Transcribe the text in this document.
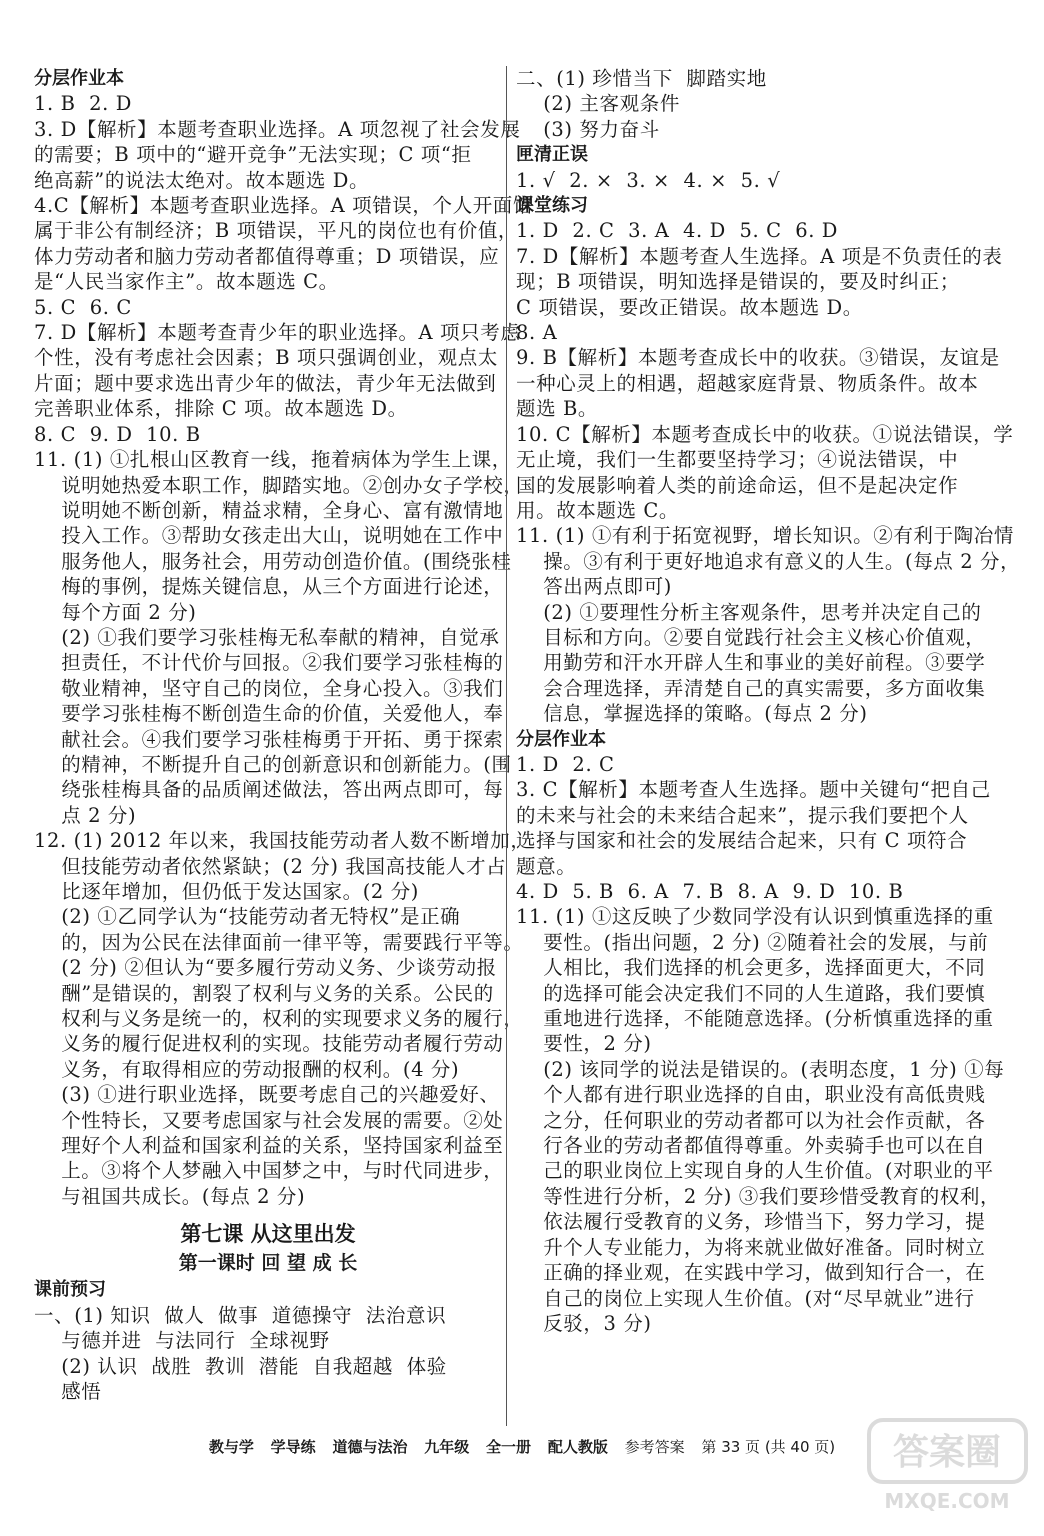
分层作业本
1. B  2. D
3. D【解析】本题考查职业选择。A 项忽视了社会发展
的需要；B 项中的“避开竞争”无法实现；C 项“拒
绝高薪”的说法太绝对。故本题选 D。
4.C【解析】本题考查职业选择。A 项错误，个人开面馆
属于非公有制经济；B 项错误，平凡的岗位也有价值，
体力劳动者和脑力劳动者都值得尊重；D 项错误，应
是“人民当家作主”。故本题选 C。
5. C  6. C
7. D【解析】本题考查青少年的职业选择。A 项只考虑
个性，没有考虑社会因素；B 项只强调创业，观点太
片面；题中要求选出青少年的做法，青少年无法做到
完善职业体系，排除 C 项。故本题选 D。
8. C  9. D  10. B
11. (1) ①扎根山区教育一线，拖着病体为学生上课，
说明她热爱本职工作，脚踏实地。②创办女子学校，
说明她不断创新，精益求精，全身心、富有激情地
投入工作。③帮助女孩走出大山，说明她在工作中
服务他人，服务社会，用劳动创造价值。(围绕张桂
梅的事例，提炼关键信息，从三个方面进行论述，
每个方面 2 分)
(2) ①我们要学习张桂梅无私奉献的精神，自觉承
担责任，不计代价与回报。②我们要学习张桂梅的
敬业精神，坚守自己的岗位，全身心投入。③我们
要学习张桂梅不断创造生命的价值，关爱他人，奉
献社会。④我们要学习张桂梅勇于开拓、勇于探索
的精神，不断提升自己的创新意识和创新能力。(围
绕张桂梅具备的品质阐述做法，答出两点即可，每
点 2 分)
12. (1) 2012 年以来，我国技能劳动者人数不断增加，
但技能劳动者依然紧缺；(2 分) 我国高技能人才占
比逐年增加，但仍低于发达国家。(2 分)
(2) ①乙同学认为“技能劳动者无特权”是正确
的，因为公民在法律面前一律平等，需要践行平等。
(2 分) ②但认为“要多履行劳动义务、少谈劳动报
酬”是错误的，割裂了权利与义务的关系。公民的
权利与义务是统一的，权利的实现要求义务的履行，
义务的履行促进权利的实现。技能劳动者履行劳动
义务，有取得相应的劳动报酬的权利。(4 分)
(3) ①进行职业选择，既要考虑自己的兴趣爱好、
个性特长，又要考虑国家与社会发展的需要。②处
理好个人利益和国家利益的关系，坚持国家利益至
上。③将个人梦融入中国梦之中，与时代同进步，
与祖国共成长。(每点 2 分)
第七课 从这里出发
第一课时 回 望 成 长
课前预习
一、(1) 知识  做人  做事  道德操守  法治意识
与德并进  与法同行  全球视野
(2) 认识  战胜  教训  潜能  自我超越  体验
感悟
二、(1) 珍惜当下  脚踏实地
(2) 主客观条件
(3) 努力奋斗
匣清正误
1. √  2. ×  3. ×  4. ×  5. √
课堂练习
1. D  2. C  3. A  4. D  5. C  6. D
7. D【解析】本题考查人生选择。A 项是不负责任的表
现；B 项错误，明知选择是错误的，要及时纠正；
C 项错误，要改正错误。故本题选 D。
8. A
9. B【解析】本题考查成长中的收获。③错误，友谊是
一种心灵上的相遇，超越家庭背景、物质条件。故本
题选 B。
10. C【解析】本题考查成长中的收获。①说法错误，学
无止境，我们一生都要坚持学习；④说法错误，中
国的发展影响着人类的前途命运，但不是起决定作
用。故本题选 C。
11. (1) ①有利于拓宽视野，增长知识。②有利于陶冶情
操。③有利于更好地追求有意义的人生。(每点 2 分，
答出两点即可)
(2) ①要理性分析主客观条件，思考并决定自己的
目标和方向。②要自觉践行社会主义核心价值观，
用勤劳和汗水开辟人生和事业的美好前程。③要学
会合理选择，弄清楚自己的真实需要，多方面收集
信息，掌握选择的策略。(每点 2 分)
分层作业本
1. D  2. C
3. C【解析】本题考查人生选择。题中关键句“把自己
的未来与社会的未来结合起来”，提示我们要把个人
选择与国家和社会的发展结合起来，只有 C 项符合
题意。
4. D  5. B  6. A  7. B  8. A  9. D  10. B
11. (1) ①这反映了少数同学没有认识到慎重选择的重
要性。(指出问题，2 分) ②随着社会的发展，与前
人相比，我们选择的机会更多，选择面更大，不同
的选择可能会决定我们不同的人生道路，我们要慎
重地进行选择，不能随意选择。(分析慎重选择的重
要性，2 分)
(2) 该同学的说法是错误的。(表明态度，1 分) ①每
个人都有进行职业选择的自由，职业没有高低贵贱
之分，任何职业的劳动者都可以为社会作贡献，各
行各业的劳动者都值得尊重。外卖骑手也可以在自
己的职业岗位上实现自身的人生价值。(对职业的平
等性进行分析，2 分) ③我们要珍惜受教育的权利，
依法履行受教育的义务，珍惜当下，努力学习，提
升个人专业能力，为将来就业做好准备。同时树立
正确的择业观，在实践中学习，做到知行合一，在
自己的岗位上实现人生价值。(对“尽早就业”进行
反驳，3 分)
教与学 学导练 道德与法治 九年级 全一册 配人教版 参考答案 第 33 页 (共 40 页)	答案圈
MXQE.COM
